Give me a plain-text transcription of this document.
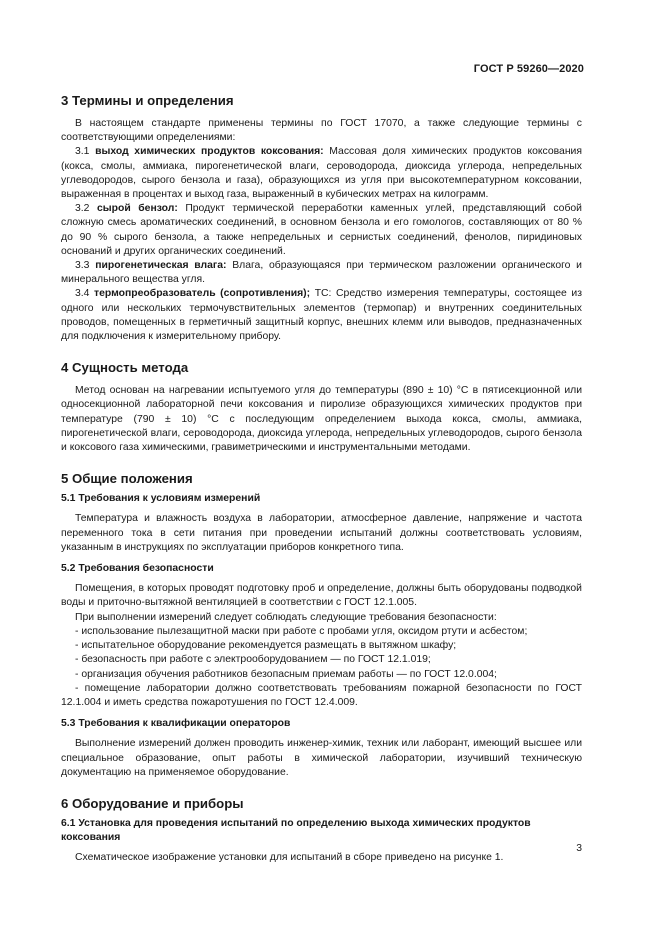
ГОСТ Р 59260—2020
3 Термины и определения

В настоящем стандарте применены термины по ГОСТ 17070, а также следующие термины с соответствующими определениями:

3.1 выход химических продуктов коксования: Массовая доля химических продуктов коксования (кокса, смолы, аммиака, пирогенетической влаги, сероводорода, диоксида углерода, непредельных углеводородов, сырого бензола и газа), образующихся из угля при высокотемпературном коксовании, выраженная в процентах и выход газа, выраженный в кубических метрах на килограмм.

3.2 сырой бензол: Продукт термической переработки каменных углей, представляющий собой сложную смесь ароматических соединений, в основном бензола и его гомологов, составляющих от 80 % до 90 % сырого бензола, а также непредельных и сернистых соединений, фенолов, пиридиновых оснований и других органических соединений.

3.3 пирогенетическая влага: Влага, образующаяся при термическом разложении органического и минерального вещества угля.

3.4 термопреобразователь (сопротивления); ТС: Средство измерения температуры, состоящее из одного или нескольких термочувствительных элементов (термопар) и внутренних соединительных проводов, помещенных в герметичный защитный корпус, внешних клемм или выводов, предназначенных для подключения к измерительному прибору.

4 Сущность метода

Метод основан на нагревании испытуемого угля до температуры (890 ± 10) °С в пятисекционной или односекционной лабораторной печи коксования и пиролизе образующихся химических продуктов при температуре (790 ± 10) °С с последующим определением выхода кокса, смолы, аммиака, пирогенетической влаги, сероводорода, диоксида углерода, непредельных углеводородов, сырого бензола и коксового газа химическими, гравиметрическими и инструментальными методами.

5 Общие положения
5.1 Требования к условиям измерений

Температура и влажность воздуха в лаборатории, атмосферное давление, напряжение и частота переменного тока в сети питания при проведении испытаний должны соответствовать условиям, указанным в инструкциях по эксплуатации приборов конкретного типа.

5.2 Требования безопасности

Помещения, в которых проводят подготовку проб и определение, должны быть оборудованы подводкой воды и приточно-вытяжной вентиляцией в соответствии с ГОСТ 12.1.005.

При выполнении измерений следует соблюдать следующие требования безопасности:

- использование пылезащитной маски при работе с пробами угля, оксидом ртути и асбестом;

- испытательное оборудование рекомендуется размещать в вытяжном шкафу;

- безопасность при работе с электрооборудованием — по ГОСТ 12.1.019;

- организация обучения работников безопасным приемам работы — по ГОСТ 12.0.004;

- помещение лаборатории должно соответствовать требованиям пожарной безопасности по ГОСТ 12.1.004 и иметь средства пожаротушения по ГОСТ 12.4.009.

5.3 Требования к квалификации операторов

Выполнение измерений должен проводить инженер-химик, техник или лаборант, имеющий высшее или специальное образование, опыт работы в химической лаборатории, изучивший техническую документацию на применяемое оборудование.

6 Оборудование и приборы
6.1 Установка для проведения испытаний по определению выхода химических продуктов коксования

Схематическое изображение установки для испытаний в сборе приведено на рисунке 1.

3
